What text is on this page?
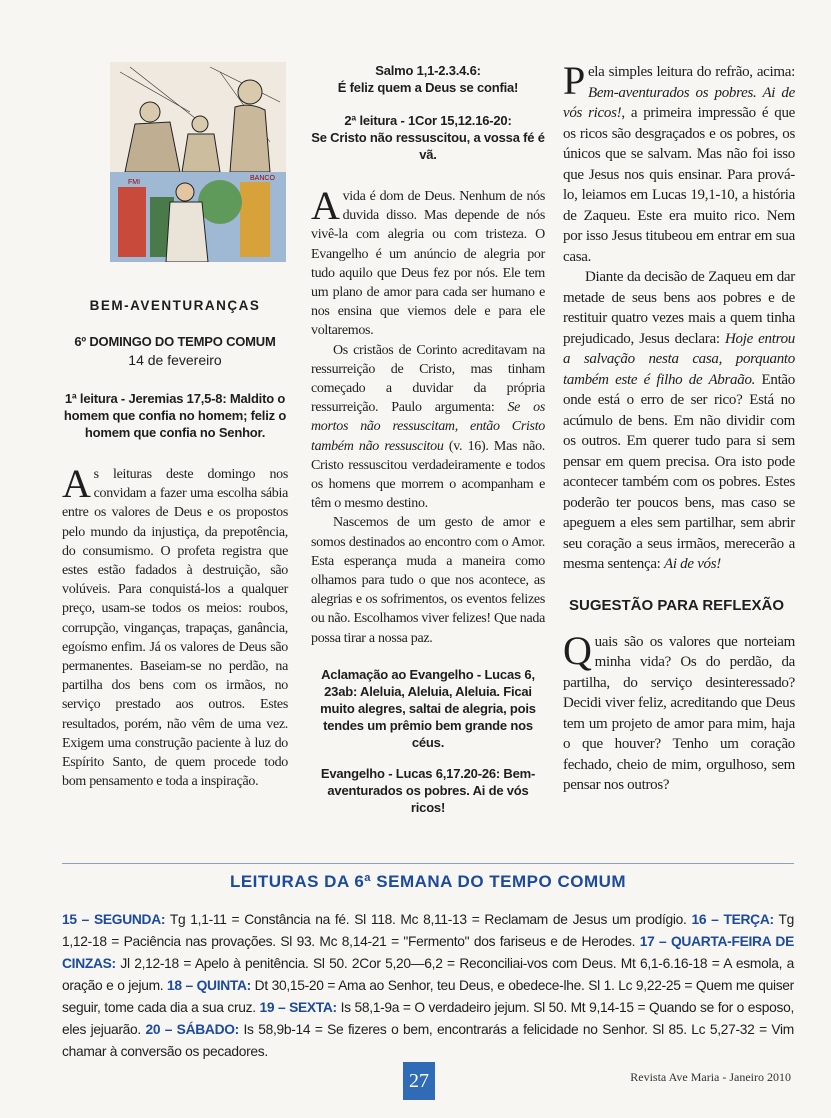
FMI
BANCO
BEM-AVENTURANÇAS
6º DOMINGO DO TEMPO COMUM
14 de fevereiro
1ª leitura - Jeremias 17,5-8: Maldito o homem que confia no homem; feliz o homem que confia no Senhor.

As leituras deste domingo nos convidam a fazer uma escolha sábia entre os valores de Deus e os propostos pelo mundo da injustiça, da prepotência, do consumismo. O profeta registra que estes estão fadados à destruição, são volúveis. Para conquistá-los a qualquer preço, usam-se todos os meios: roubos, corrupção, vinganças, trapaças, ganância, egoísmo enfim. Já os valores de Deus são permanentes. Baseiam-se no perdão, na partilha dos bens com os irmãos, no serviço prestado aos outros. Estes resultados, porém, não vêm de uma vez. Exigem uma construção paciente à luz do Espírito Santo, de quem procede todo bom pensamento e toda a inspiração.

Salmo 1,1-2.3.4.6:
É feliz quem a Deus se confia!
2ª leitura - 1Cor 15,12.16-20:
Se Cristo não ressuscitou, a vossa fé é vã.

A vida é dom de Deus. Nenhum de nós duvida disso. Mas depende de nós vivê-la com alegria ou com tristeza. O Evangelho é um anúncio de alegria por tudo aquilo que Deus fez por nós. Ele tem um plano de amor para cada ser humano e nos ensina que viemos dele e para ele voltaremos.

Os cristãos de Corinto acreditavam na ressurreição de Cristo, mas tinham começado a duvidar da própria ressurreição. Paulo argumenta: Se os mortos não ressuscitam, então Cristo também não ressuscitou (v. 16). Mas não. Cristo ressuscitou verdadeiramente e todos os homens que morrem o acompanham e têm o mesmo destino.

Nascemos de um gesto de amor e somos destinados ao encontro com o Amor. Esta esperança muda a maneira como olhamos para tudo o que nos acontece, as alegrias e os sofrimentos, os eventos felizes ou não. Escolhamos viver felizes! Que nada possa tirar a nossa paz.

Aclamação ao Evangelho - Lucas 6, 23ab: Aleluia, Aleluia, Aleluia. Ficai muito alegres, saltai de alegria, pois tendes um prêmio bem grande nos céus.
Evangelho - Lucas 6,17.20-26: Bem-aventurados os pobres. Ai de vós ricos!

Pela simples leitura do refrão, acima: Bem-aventurados os pobres. Ai de vós ricos!, a primeira impressão é que os ricos são desgraçados e os pobres, os únicos que se salvam. Mas não foi isso que Jesus nos quis ensinar. Para prová-lo, leiamos em Lucas 19,1-10, a história de Zaqueu. Este era muito rico. Nem por isso Jesus titubeou em entrar em sua casa.

Diante da decisão de Zaqueu em dar metade de seus bens aos pobres e de restituir quatro vezes mais a quem tinha prejudicado, Jesus declara: Hoje entrou a salvação nesta casa, porquanto também este é filho de Abraão. Então onde está o erro de ser rico? Está no acúmulo de bens. Em não dividir com os outros. Em querer tudo para si sem pensar em quem precisa. Ora isto pode acontecer também com os pobres. Estes poderão ter poucos bens, mas caso se apeguem a eles sem partilhar, sem abrir seu coração a seus irmãos, merecerão a mesma sentença: Ai de vós!

SUGESTÃO PARA REFLEXÃO

Quais são os valores que norteiam minha vida? Os do perdão, da partilha, do serviço desinteressado? Decidi viver feliz, acreditando que Deus tem um projeto de amor para mim, haja o que houver? Tenho um coração fechado, cheio de mim, orgulhoso, sem pensar nos outros?

LEITURAS DA 6ª SEMANA DO TEMPO COMUM
15 – SEGUNDA: Tg 1,1-11 = Constância na fé. Sl 118. Mc 8,11-13 = Reclamam de Jesus um prodígio. 16 – TERÇA: Tg 1,12-18 = Paciência nas provações. Sl 93. Mc 8,14-21 = "Fermento" dos fariseus e de Herodes. 17 – QUARTA-FEIRA DE CINZAS: Jl 2,12-18 = Apelo à penitência. Sl 50. 2Cor 5,20—6,2 = Reconciliai-vos com Deus. Mt 6,1-6.16-18 = A esmola, a oração e o jejum. 18 – QUINTA: Dt 30,15-20 = Ama ao Senhor, teu Deus, e obedece-lhe. Sl 1. Lc 9,22-25 = Quem me quiser seguir, tome cada dia a sua cruz. 19 – SEXTA: Is 58,1-9a = O verdadeiro jejum. Sl 50. Mt 9,14-15 = Quando se for o esposo, eles jejuarão. 20 – SÁBADO: Is 58,9b-14 = Se fizeres o bem, encontrarás a felicidade no Senhor. Sl 85. Lc 5,27-32 = Vim chamar à conversão os pecadores.
27	Revista Ave Maria - Janeiro 2010
